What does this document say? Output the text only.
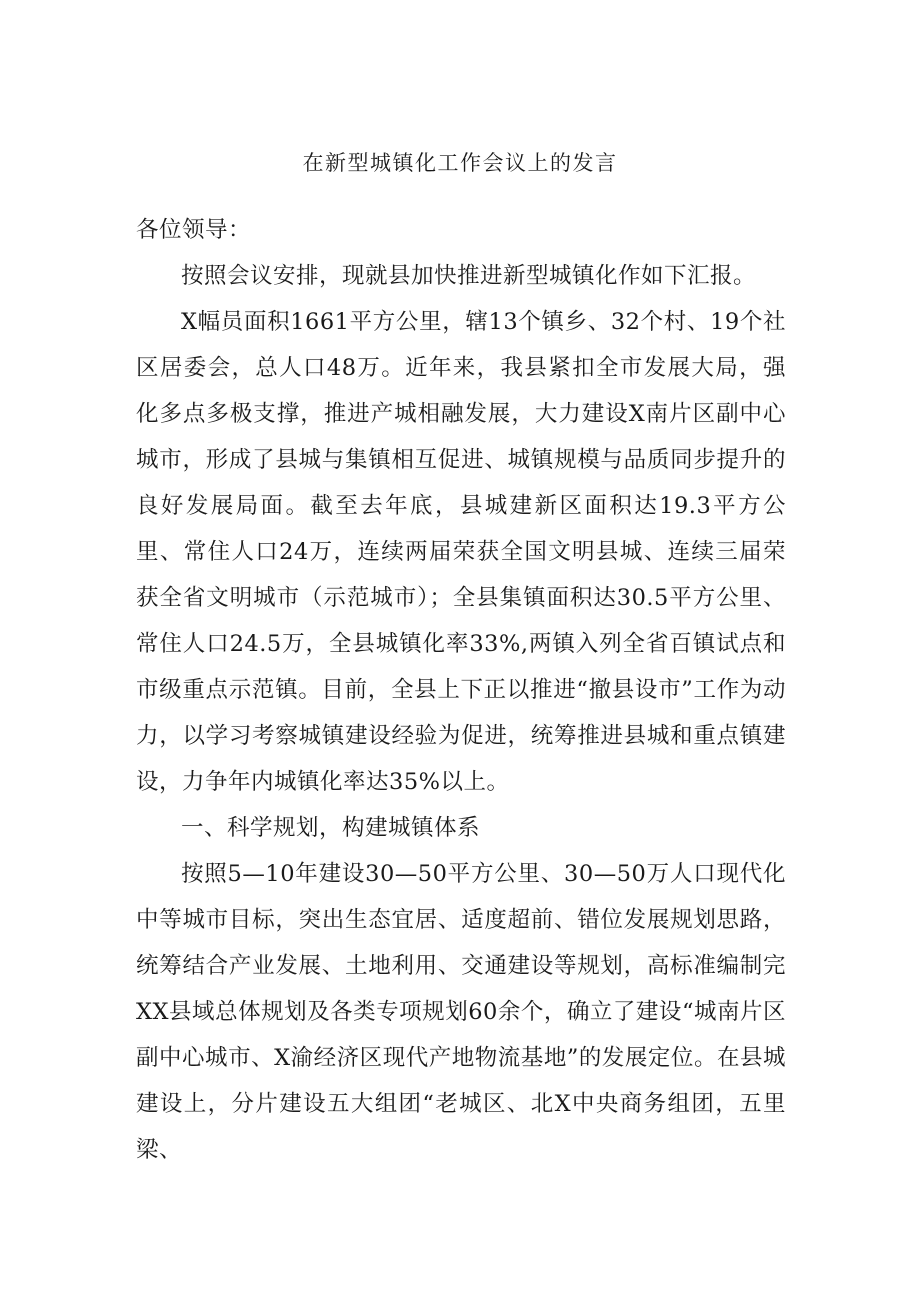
在新型城镇化工作会议上的发言

各位领导：

按照会议安排，现就县加快推进新型城镇化作如下汇报。

X幅员面积1661平方公里，辖13个镇乡、32个村、19个社区居委会，总人口48万。近年来，我县紧扣全市发展大局，强化多点多极支撑，推进产城相融发展，大力建设X南片区副中心城市，形成了县城与集镇相互促进、城镇规模与品质同步提升的良好发展局面。截至去年底，县城建新区面积达19.3平方公里、常住人口24万，连续两届荣获全国文明县城、连续三届荣获全省文明城市（示范城市）；全县集镇面积达30.5平方公里、常住人口24.5万，全县城镇化率33%,两镇入列全省百镇试点和市级重点示范镇。目前，全县上下正以推进“撤县设市”工作为动力，以学习考察城镇建设经验为促进，统筹推进县城和重点镇建设，力争年内城镇化率达35%以上。

一、科学规划，构建城镇体系

按照5—10年建设30—50平方公里、30—50万人口现代化中等城市目标，突出生态宜居、适度超前、错位发展规划思路，统筹结合产业发展、土地利用、交通建设等规划，高标准编制完XX县域总体规划及各类专项规划60余个，确立了建设“城南片区副中心城市、X渝经济区现代产地物流基地”的发展定位。在县城建设上，分片建设五大组团“老城区、北X中央商务组团，五里梁、
